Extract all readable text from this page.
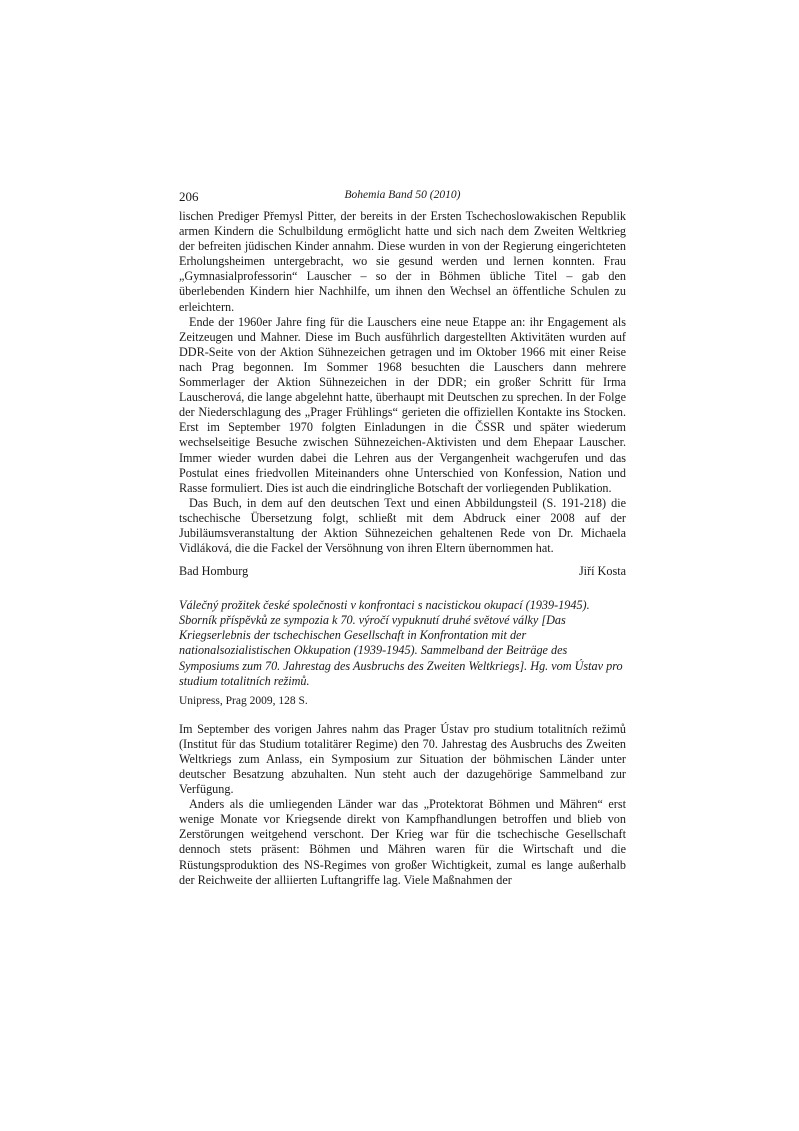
206	Bohemia Band 50 (2010)

lischen Prediger Přemysl Pitter, der bereits in der Ersten Tschechoslowakischen Republik armen Kindern die Schulbildung ermöglicht hatte und sich nach dem Zweiten Weltkrieg der befreiten jüdischen Kinder annahm. Diese wurden in von der Regierung eingerichteten Erholungsheimen untergebracht, wo sie gesund werden und lernen konnten. Frau „Gymnasialprofessorin“ Lauscher – so der in Böhmen übliche Titel – gab den überlebenden Kindern hier Nachhilfe, um ihnen den Wechsel an öffentliche Schulen zu erleichtern.

Ende der 1960er Jahre fing für die Lauschers eine neue Etappe an: ihr Engagement als Zeitzeugen und Mahner. Diese im Buch ausführlich dargestellten Aktivitäten wurden auf DDR-Seite von der Aktion Sühnezeichen getragen und im Oktober 1966 mit einer Reise nach Prag begonnen. Im Sommer 1968 besuchten die Lauschers dann mehrere Sommerlager der Aktion Sühnezeichen in der DDR; ein großer Schritt für Irma Lauscherová, die lange abgelehnt hatte, überhaupt mit Deutschen zu sprechen. In der Folge der Niederschlagung des „Prager Frühlings“ gerieten die offiziellen Kontakte ins Stocken. Erst im September 1970 folgten Einladungen in die ČSSR und später wiederum wechselseitige Besuche zwischen Sühnezeichen-Aktivisten und dem Ehepaar Lauscher. Immer wieder wurden dabei die Lehren aus der Vergangenheit wachgerufen und das Postulat eines friedvollen Miteinanders ohne Unterschied von Konfession, Nation und Rasse formuliert. Dies ist auch die eindringliche Botschaft der vorliegenden Publikation.

Das Buch, in dem auf den deutschen Text und einen Abbildungsteil (S. 191-218) die tschechische Übersetzung folgt, schließt mit dem Abdruck einer 2008 auf der Jubiläumsveranstaltung der Aktion Sühnezeichen gehaltenen Rede von Dr. Michaela Vidláková, die die Fackel der Versöhnung von ihren Eltern übernommen hat.

Bad Homburg	Jiří Kosta
Válečný prožitek české společnosti v konfrontaci s nacistickou okupací (1939-1945). Sborník příspěvků ze sympozia k 70. výročí vypuknutí druhé světové války [Das Kriegserlebnis der tschechischen Gesellschaft in Konfrontation mit der nationalsozialistischen Okkupation (1939-1945). Sammelband der Beiträge des Symposiums zum 70. Jahrestag des Ausbruchs des Zweiten Weltkriegs]. Hg. vom Ústav pro studium totalitních režimů.
Unipress, Prag 2009, 128 S.

Im September des vorigen Jahres nahm das Prager Ústav pro studium totalitních režimů (Institut für das Studium totalitärer Regime) den 70. Jahrestag des Ausbruchs des Zweiten Weltkriegs zum Anlass, ein Symposium zur Situation der böhmischen Länder unter deutscher Besatzung abzuhalten. Nun steht auch der dazugehörige Sammelband zur Verfügung.

Anders als die umliegenden Länder war das „Protektorat Böhmen und Mähren“ erst wenige Monate vor Kriegsende direkt von Kampfhandlungen betroffen und blieb von Zerstörungen weitgehend verschont. Der Krieg war für die tschechische Gesellschaft dennoch stets präsent: Böhmen und Mähren waren für die Wirtschaft und die Rüstungsproduktion des NS-Regimes von großer Wichtigkeit, zumal es lange außerhalb der Reichweite der alliierten Luftangriffe lag. Viele Maßnahmen der
